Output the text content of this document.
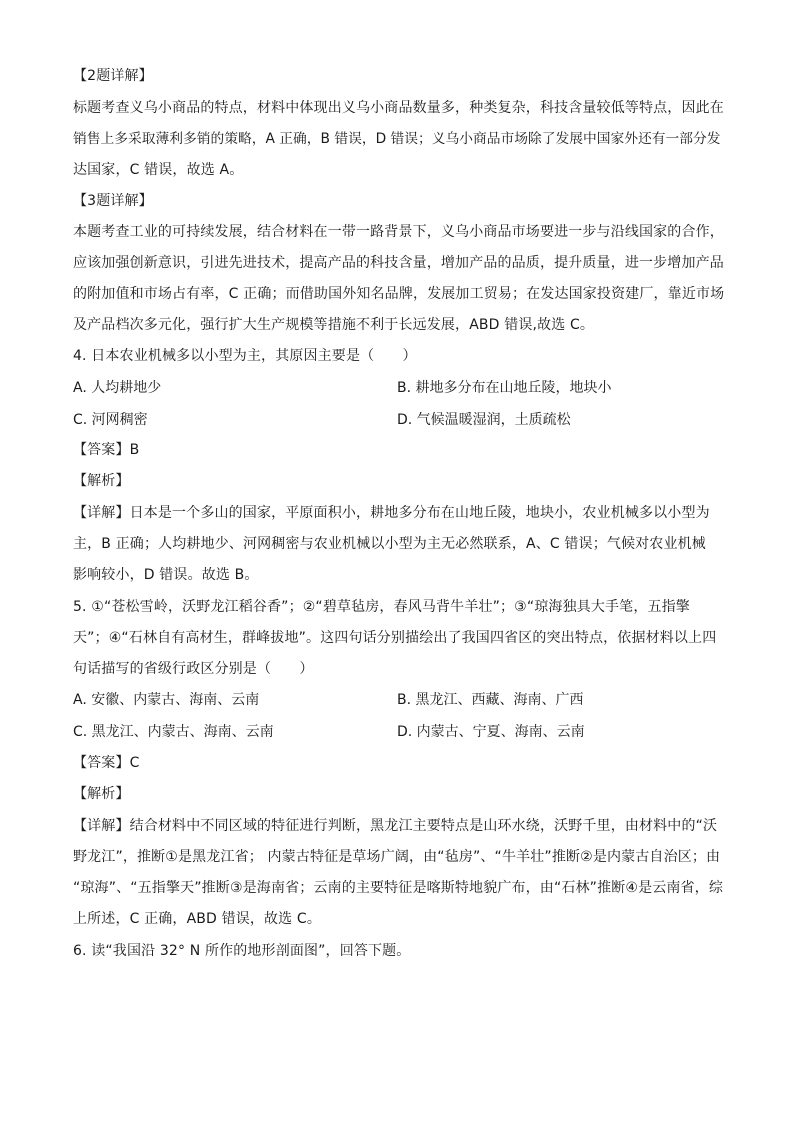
【2题详解】
标题考查义乌小商品的特点，材料中体现出义乌小商品数量多，种类复杂，科技含量较低等特点，因此在
销售上多采取薄利多销的策略，A 正确，B 错误，D 错误；义乌小商品市场除了发展中国家外还有一部分发
达国家，C 错误，故选 A。
【3题详解】
本题考查工业的可持续发展，结合材料在一带一路背景下，义乌小商品市场要进一步与沿线国家的合作，
应该加强创新意识，引进先进技术，提高产品的科技含量，增加产品的品质，提升质量，进一步增加产品
的附加值和市场占有率，C 正确；而借助国外知名品牌，发展加工贸易；在发达国家投资建厂，靠近市场
及产品档次多元化，强行扩大生产规模等措施不利于长远发展，ABD 错误,故选 C。
4. 日本农业机械多以小型为主，其原因主要是（　　）
A. 人均耕地少	B. 耕地多分布在山地丘陵，地块小
C. 河网稠密	D. 气候温暖湿润，土质疏松
【答案】B
【解析】
【详解】日本是一个多山的国家，平原面积小，耕地多分布在山地丘陵，地块小，农业机械多以小型为
主，B 正确；人均耕地少、河网稠密与农业机械以小型为主无必然联系，A、C 错误；气候对农业机械
影响较小，D 错误。故选 B。
5. ①“苍松雪岭，沃野龙江稻谷香”；②“碧草毡房，春风马背牛羊壮”；③“琼海独具大手笔，五指擎
天”；④“石林自有高材生，群峰拔地”。这四句话分别描绘出了我国四省区的突出特点，依据材料以上四
句话描写的省级行政区分别是（　　）
A. 安徽、内蒙古、海南、云南	B. 黑龙江、西藏、海南、广西
C. 黑龙江、内蒙古、海南、云南	D. 内蒙古、宁夏、海南、云南
【答案】C
【解析】
【详解】结合材料中不同区域的特征进行判断，黑龙江主要特点是山环水绕，沃野千里，由材料中的“沃
野龙江”，推断①是黑龙江省； 内蒙古特征是草场广阔，由“毡房”、“牛羊壮”推断②是内蒙古自治区；由
“琼海”、“五指擎天”推断③是海南省；云南的主要特征是喀斯特地貌广布，由“石林”推断④是云南省，综
上所述，C 正确，ABD 错误，故选 C。
6. 读“我国沿 32° N 所作的地形剖面图”，回答下题。
